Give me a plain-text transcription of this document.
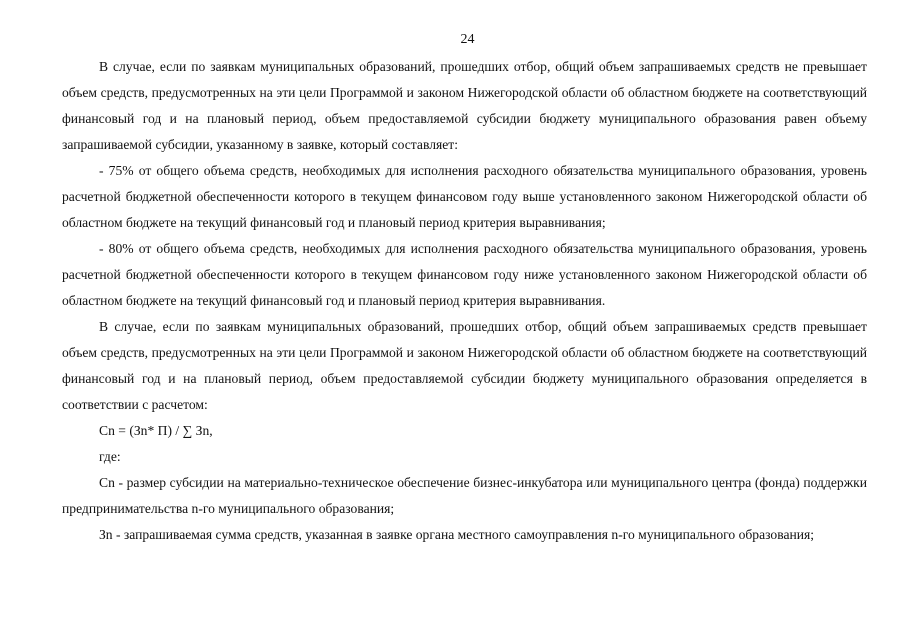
24

В случае, если по заявкам муниципальных образований, прошедших отбор, общий объем запрашиваемых средств не превышает объем средств, предусмотренных на эти цели Программой и законом Нижегородской области об областном бюджете на соответствующий финансовый год и на плановый период, объем предоставляемой субсидии бюджету муниципального образования равен объему запрашиваемой субсидии, указанному в заявке, который составляет:

- 75% от общего объема средств, необходимых для исполнения расходного обязательства муниципального образования, уровень расчетной бюджетной обеспеченности которого в текущем финансовом году выше установленного законом Нижегородской области об областном бюджете на текущий финансовый год и плановый период критерия выравнивания;

- 80% от общего объема средств, необходимых для исполнения расходного обязательства муниципального образования, уровень расчетной бюджетной обеспеченности которого в текущем финансовом году ниже установленного законом Нижегородской области об областном бюджете на текущий финансовый год и плановый период критерия выравнивания.

В случае, если по заявкам муниципальных образований, прошедших отбор, общий объем запрашиваемых средств превышает объем средств, предусмотренных на эти цели Программой и законом Нижегородской области об областном бюджете на соответствующий финансовый год и на плановый период, объем предоставляемой субсидии бюджету муниципального образования определяется в соответствии с расчетом:

Сn = (Зn* П) / ∑ Зn,

где:

Сn - размер субсидии на материально-техническое обеспечение бизнес-инкубатора или муниципального центра (фонда) поддержки предпринимательства n-го муниципального образования;

Зn - запрашиваемая сумма средств, указанная в заявке органа местного самоуправления n-го муниципального образования;
